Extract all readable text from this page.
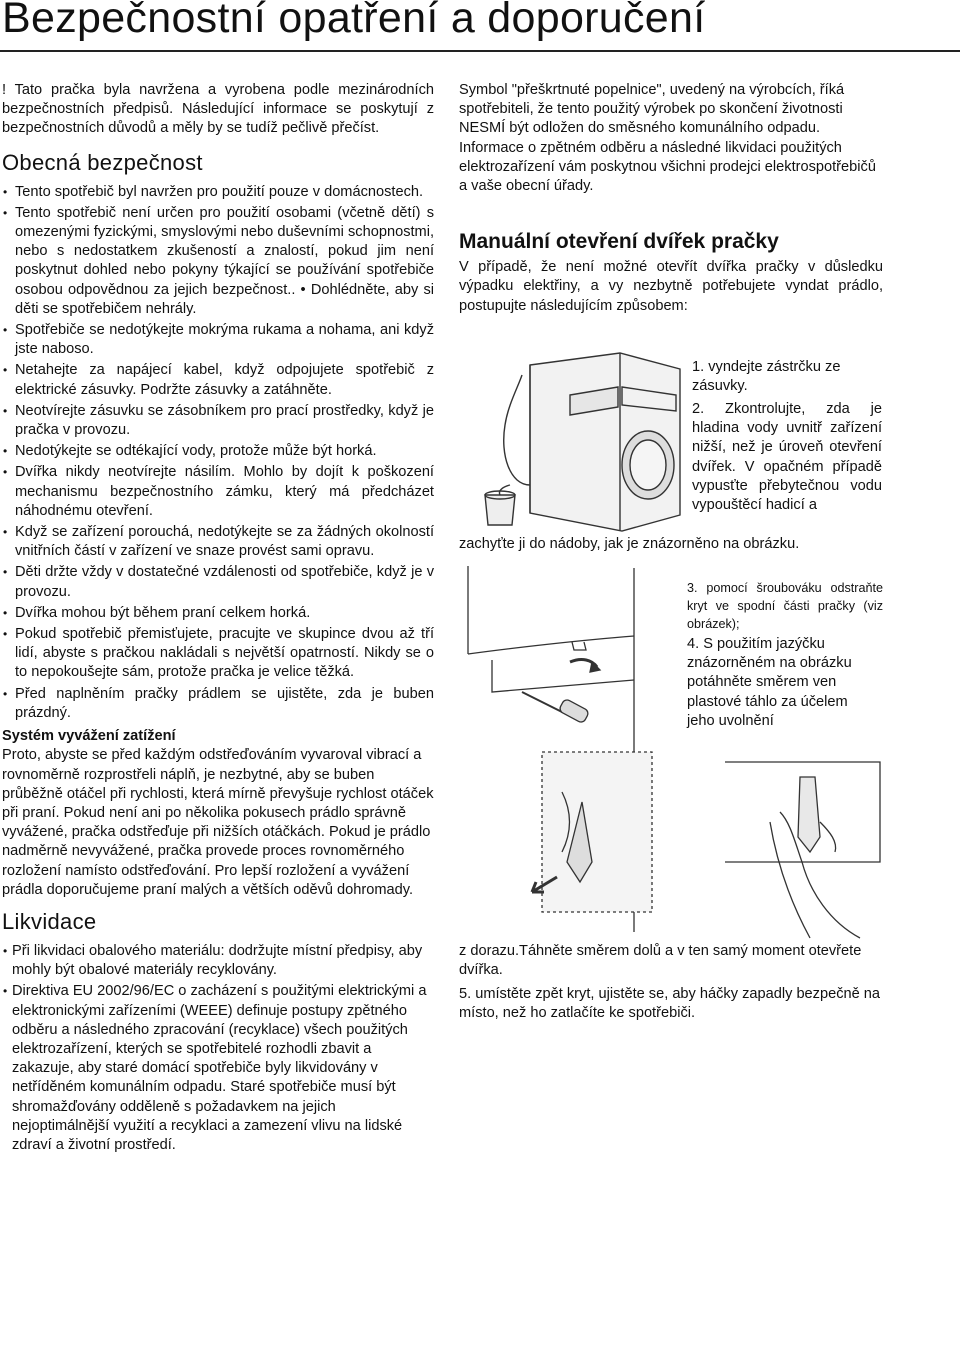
Bezpečnostní opatření a doporučení

! Tato pračka byla navržena a vyrobena podle mezinárodních bezpečnostních předpisů. Následující informace se poskytují z bezpečnostních důvodů a měly by se tudíž pečlivě přečíst.

Obecná bezpečnost
• Tento spotřebič byl navržen pro použití pouze v domácnostech.
• Tento spotřebič není určen pro použití osobami (včetně dětí) s omezenými fyzickými, smyslovými nebo duševními schopnostmi, nebo s nedostatkem zkušeností a znalostí, pokud jim není poskytnut dohled nebo pokyny týkající se používání spotřebiče osobou odpovědnou za jejich bezpečnost.. • Dohlédněte, aby si děti se spotřebičem nehrály.
• Spotřebiče se nedotýkejte mokrýma rukama a nohama, ani když jste naboso.
• Netahejte za napájecí kabel, když odpojujete spotřebič z elektrické zásuvky. Podržte zásuvky a zatáhněte.
• Neotvírejte zásuvku se zásobníkem pro prací prostředky, když je pračka v provozu.
• Nedotýkejte se odtékající vody, protože může být horká.
• Dvířka nikdy neotvírejte násilím. Mohlo by dojít k poškození mechanismu bezpečnostního zámku, který má předcházet náhodnému otevření.
• Když se zařízení porouchá, nedotýkejte se za žádných okolností vnitřních částí v zařízení ve snaze provést sami opravu.
• Děti držte vždy v dostatečné vzdálenosti od spotřebiče, když je v provozu.
• Dvířka mohou být během praní celkem horká.
• Pokud spotřebič přemisťujete, pracujte ve skupince dvou až tří lidí, abyste s pračkou nakládali s největší opatrností. Nikdy se o to nepokoušejte sám, protože pračka je velice těžká.
• Před naplněním pračky prádlem se ujistěte, zda je buben prázdný.
Systém vyvážení zatížení

Proto, abyste se před každým odstřeďováním vyvaroval vibrací a rovnoměrně rozprostřeli náplň, je nezbytné, aby se buben průběžně otáčel při rychlosti, která mírně převyšuje rychlost otáček při praní. Pokud není ani po několika pokusech prádlo správně vyvážené, pračka odstřeďuje při nižších otáčkách. Pokud je prádlo nadměrně nevyvážené, pračka provede proces rovnoměrného rozložení namísto odstřeďování. Pro lepší rozložení a vyvážení prádla doporučujeme praní malých a větších oděvů dohromady.

Likvidace
• Při likvidaci obalového materiálu: dodržujte místní předpisy, aby mohly být obalové materiály recyklovány.
• Direktiva EU 2002/96/EC o zacházení s použitými elektrickými a elektronickými zařízeními (WEEE) definuje postupy zpětného odběru a následného zpracování (recyklace) všech použitých elektrozařízení, kterých se spotřebitelé rozhodli zbavit a zakazuje, aby staré domácí spotřebiče byly likvidovány v netříděném komunálním odpadu. Staré spotřebiče musí být shromažďovány odděleně s požadavkem na jejich nejoptimálnější využití a recyklaci a zamezení vlivu na lidské zdraví a životní prostředí.

Symbol "přeškrtnuté popelnice", uvedený na výrobcích, říká spotřebiteli, že tento použitý výrobek po skončení životnosti NESMÍ být odložen do směsného komunálního odpadu. Informace o zpětném odběru a následné likvidaci použitých elektrozařízení vám poskytnou všichni prodejci elektrospotřebičů a vaše obecní úřady.

Manuální otevření dvířek pračky

V případě, že není možné otevřít dvířka pračky v důsledku výpadku elektřiny, a vy nezbytně potřebujete vyndat prádlo, postupujte následujícím způsobem:

1. vyndejte zástrčku ze zásuvky.
2. Zkontrolujte, zda je hladina vody uvnitř zařízení nižší, než je úroveň otevření dvířek. V opačném případě vypusťte přebytečnou vodu vypouštěcí hadicí a
zachyťte ji do nádoby, jak je znázorněno na obrázku.
3. pomocí šroubováku odstraňte kryt ve spodní části pračky (viz obrázek);
4. S použitím jazýčku znázorněném na obrázku potáhněte směrem ven plastové táhlo za účelem jeho uvolnění
z dorazu.Táhněte směrem dolů a v ten samý moment otevřete dvířka.
5. umístěte zpět kryt, ujistěte se, aby háčky zapadly bezpečně na místo, než ho zatlačíte ke spotřebiči.
